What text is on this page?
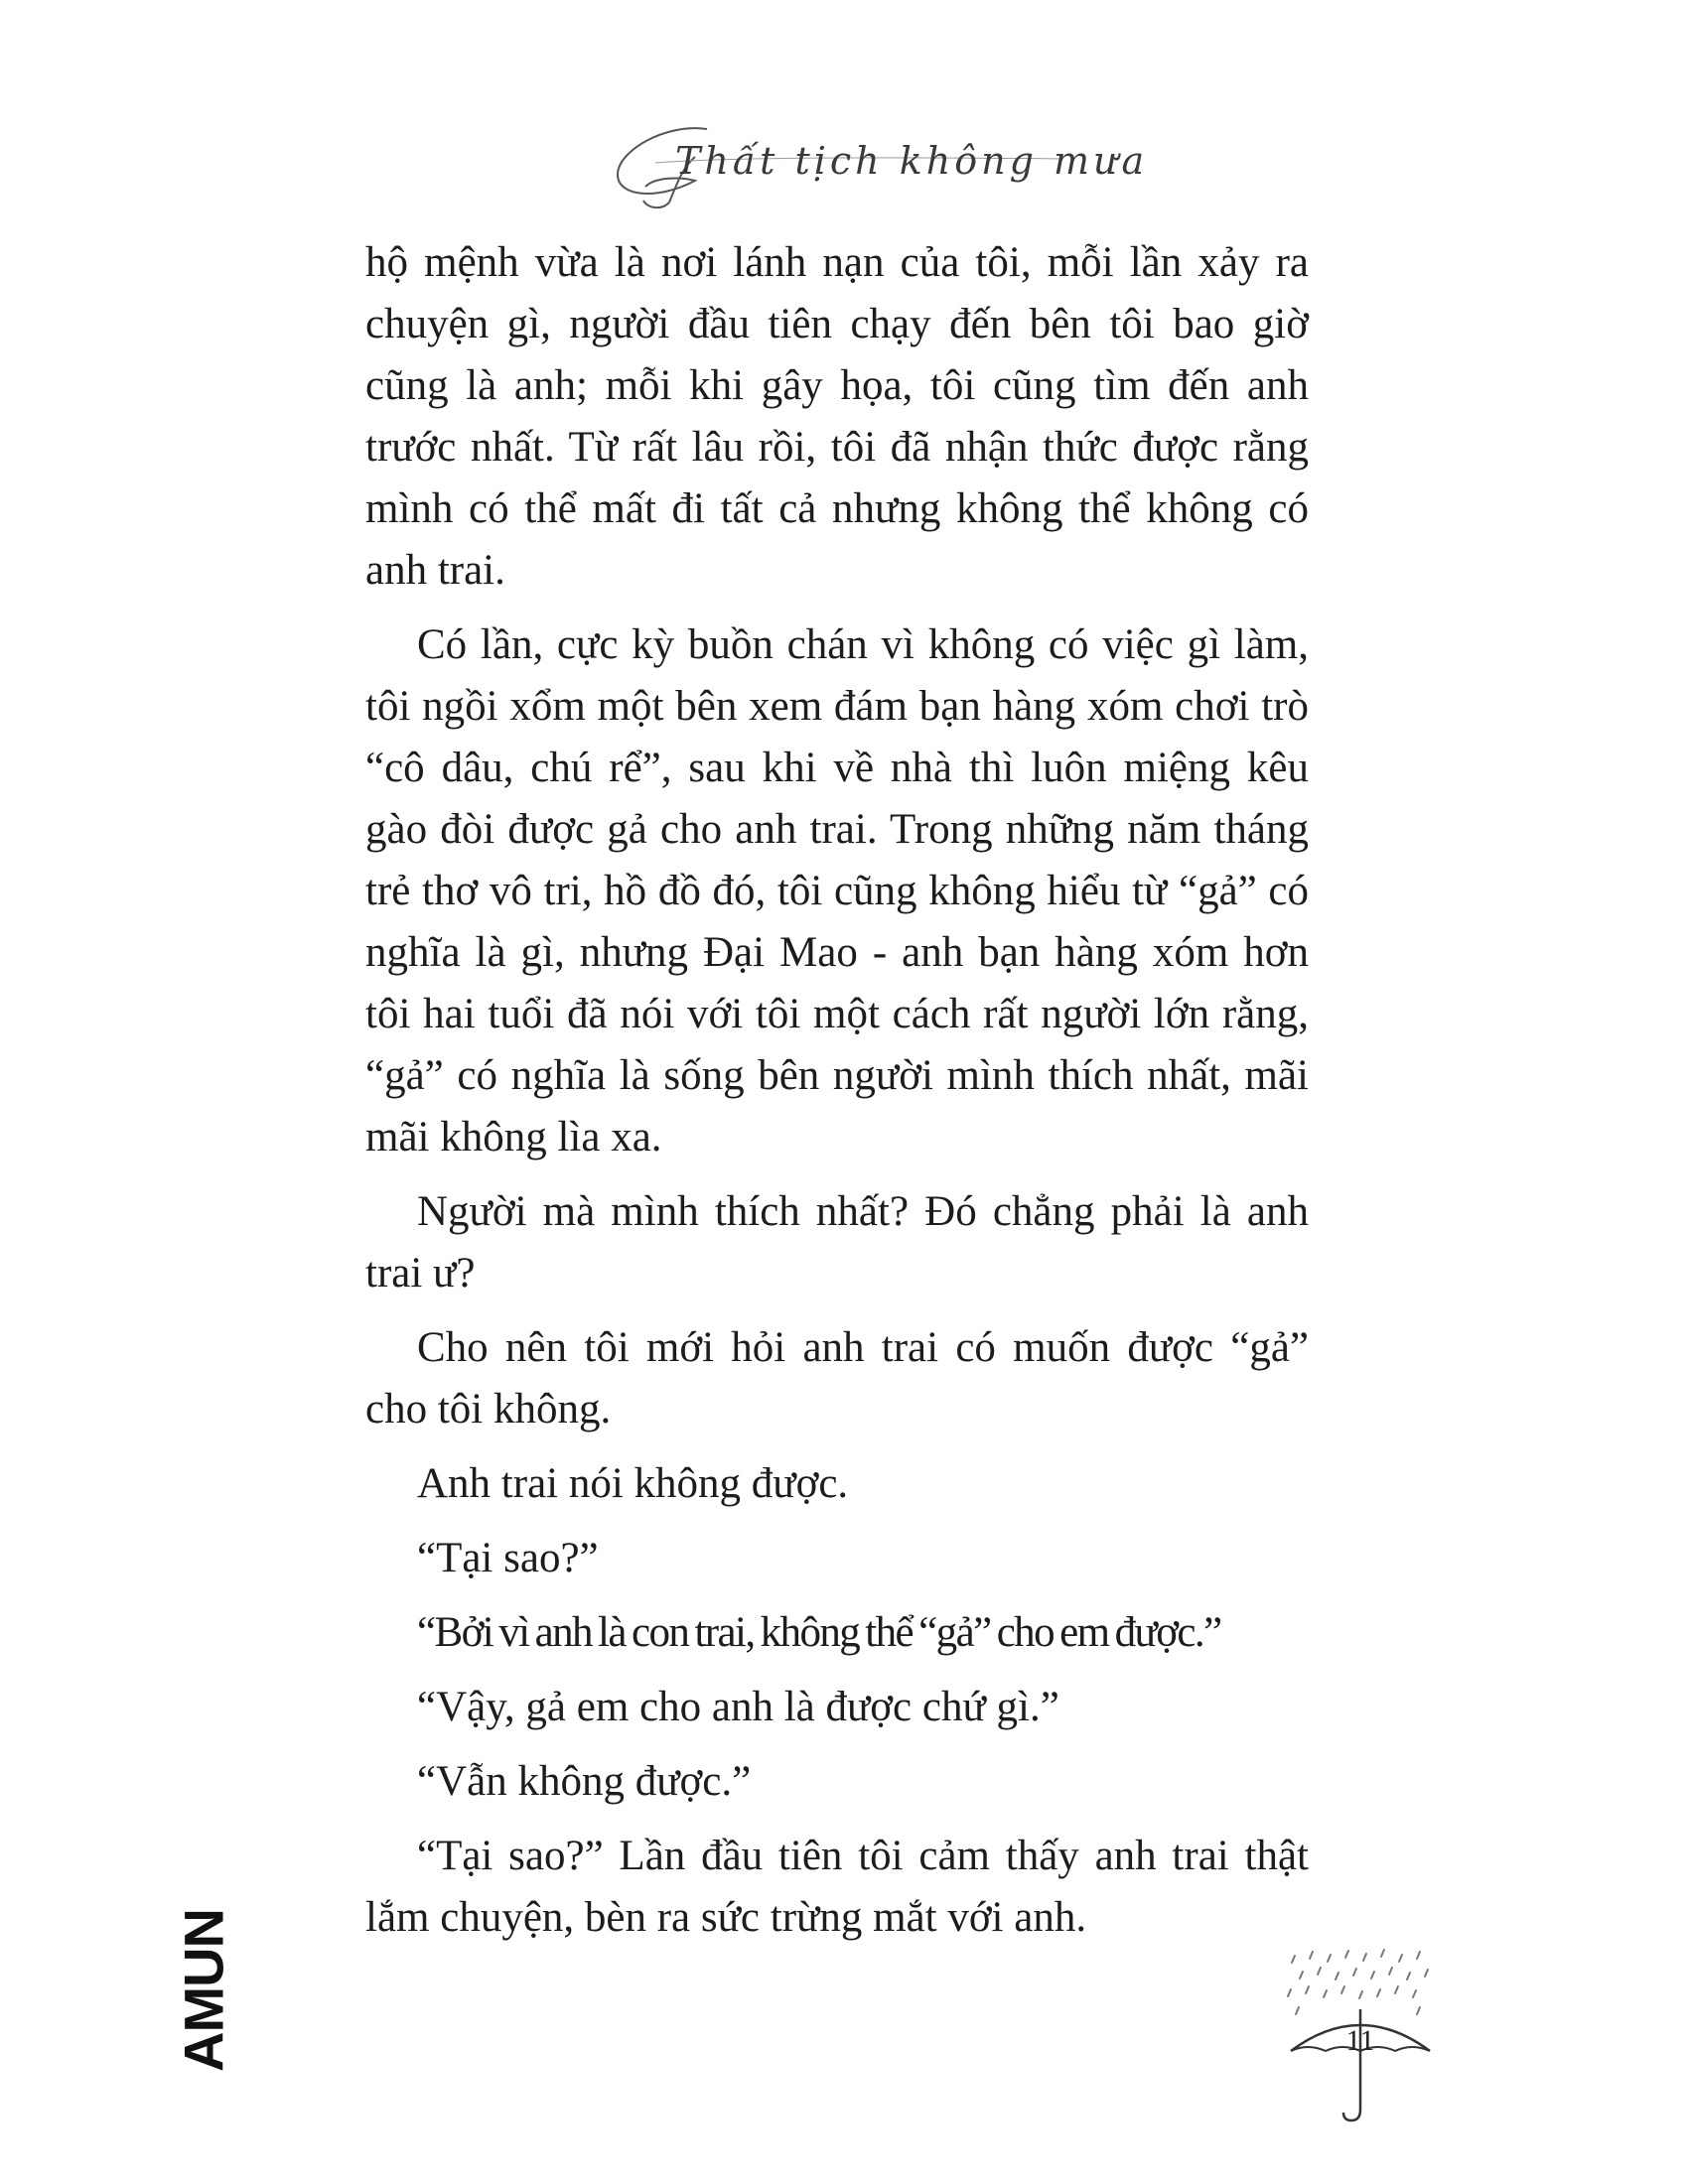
Thất tịch không mưa

hộ mệnh vừa là nơi lánh nạn của tôi, mỗi lần xảy ra chuyện gì, người đầu tiên chạy đến bên tôi bao giờ cũng là anh; mỗi khi gây họa, tôi cũng tìm đến anh trước nhất. Từ rất lâu rồi, tôi đã nhận thức được rằng mình có thể mất đi tất cả nhưng không thể không có anh trai.

Có lần, cực kỳ buồn chán vì không có việc gì làm, tôi ngồi xổm một bên xem đám bạn hàng xóm chơi trò “cô dâu, chú rể”, sau khi về nhà thì luôn miệng kêu gào đòi được gả cho anh trai. Trong những năm tháng trẻ thơ vô tri, hồ đồ đó, tôi cũng không hiểu từ “gả” có nghĩa là gì, nhưng Đại Mao - anh bạn hàng xóm hơn tôi hai tuổi đã nói với tôi một cách rất người lớn rằng, “gả” có nghĩa là sống bên người mình thích nhất, mãi mãi không lìa xa.

Người mà mình thích nhất? Đó chẳng phải là anh trai ư?

Cho nên tôi mới hỏi anh trai có muốn được “gả” cho tôi không.

Anh trai nói không được.

“Tại sao?”

“Bởi vì anh là con trai, không thể “gả” cho em được.”

“Vậy, gả em cho anh là được chứ gì.”

“Vẫn không được.”

“Tại sao?” Lần đầu tiên tôi cảm thấy anh trai thật lắm chuyện, bèn ra sức trừng mắt với anh.

AMUN	11
